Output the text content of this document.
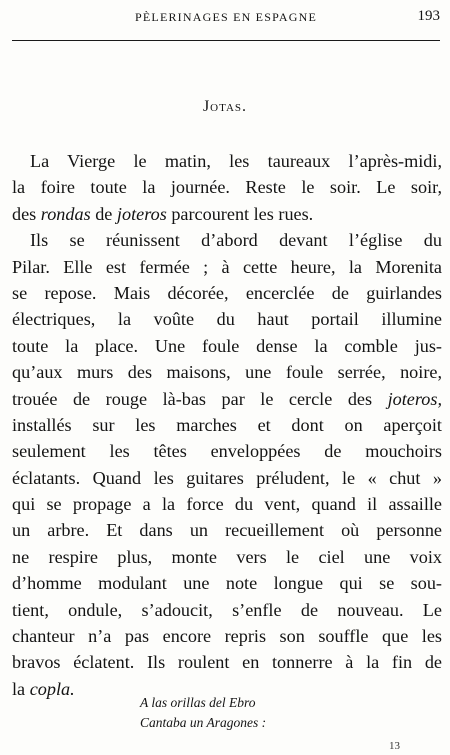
PÈLERINAGES EN ESPAGNE	193
Jotas.
La Vierge le matin, les taureaux l’après-midi,
la foire toute la journée. Reste le soir. Le soir,
des rondas de joteros parcourent les rues.
Ils se réunissent d’abord devant l’église du
Pilar. Elle est fermée ; à cette heure, la Morenita
se repose. Mais décorée, encerclée de guirlandes
électriques, la voûte du haut portail illumine
toute la place. Une foule dense la comble jus-
qu’aux murs des maisons, une foule serrée, noire,
trouée de rouge là-bas par le cercle des joteros,
installés sur les marches et dont on aperçoit
seulement les têtes enveloppées de mouchoirs
éclatants. Quand les guitares préludent, le « chut »
qui se propage a la force du vent, quand il assaille
un arbre. Et dans un recueillement où personne
ne respire plus, monte vers le ciel une voix
d’homme modulant une note longue qui se sou-
tient, ondule, s’adoucit, s’enfle de nouveau. Le
chanteur n’a pas encore repris son souffle que les
bravos éclatent. Ils roulent en tonnerre à la fin de
la copla.
A las orillas del Ebro
Cantaba un Aragones :
13
